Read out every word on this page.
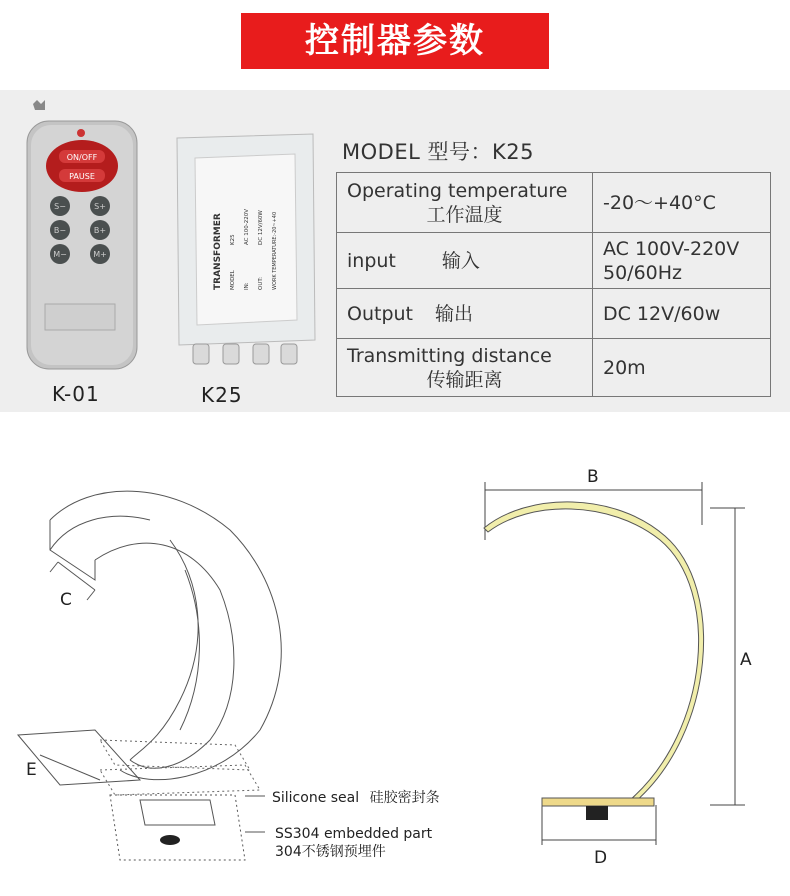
控制器参数
ON/OFF
PAUSE
S−	S+
B−	B+
M−	M+
K-01
TRANSFORMER MODEL
K25
IN:
AC 100-220V
OUT:
DC 12V/60W WORK TEMPERATURE:-20~+40
K25
MODEL 型号：K25
Operating temperature

工作温度	-20～+40°C
input 输入	AC 100V-220V
50/60Hz
Output 输出	DC 12V/60w
Transmitting distance

传输距离	20m
C
E
Silicone seal 硅胶密封条
SS304 embedded part
304不锈钢预埋件
B
A
D
